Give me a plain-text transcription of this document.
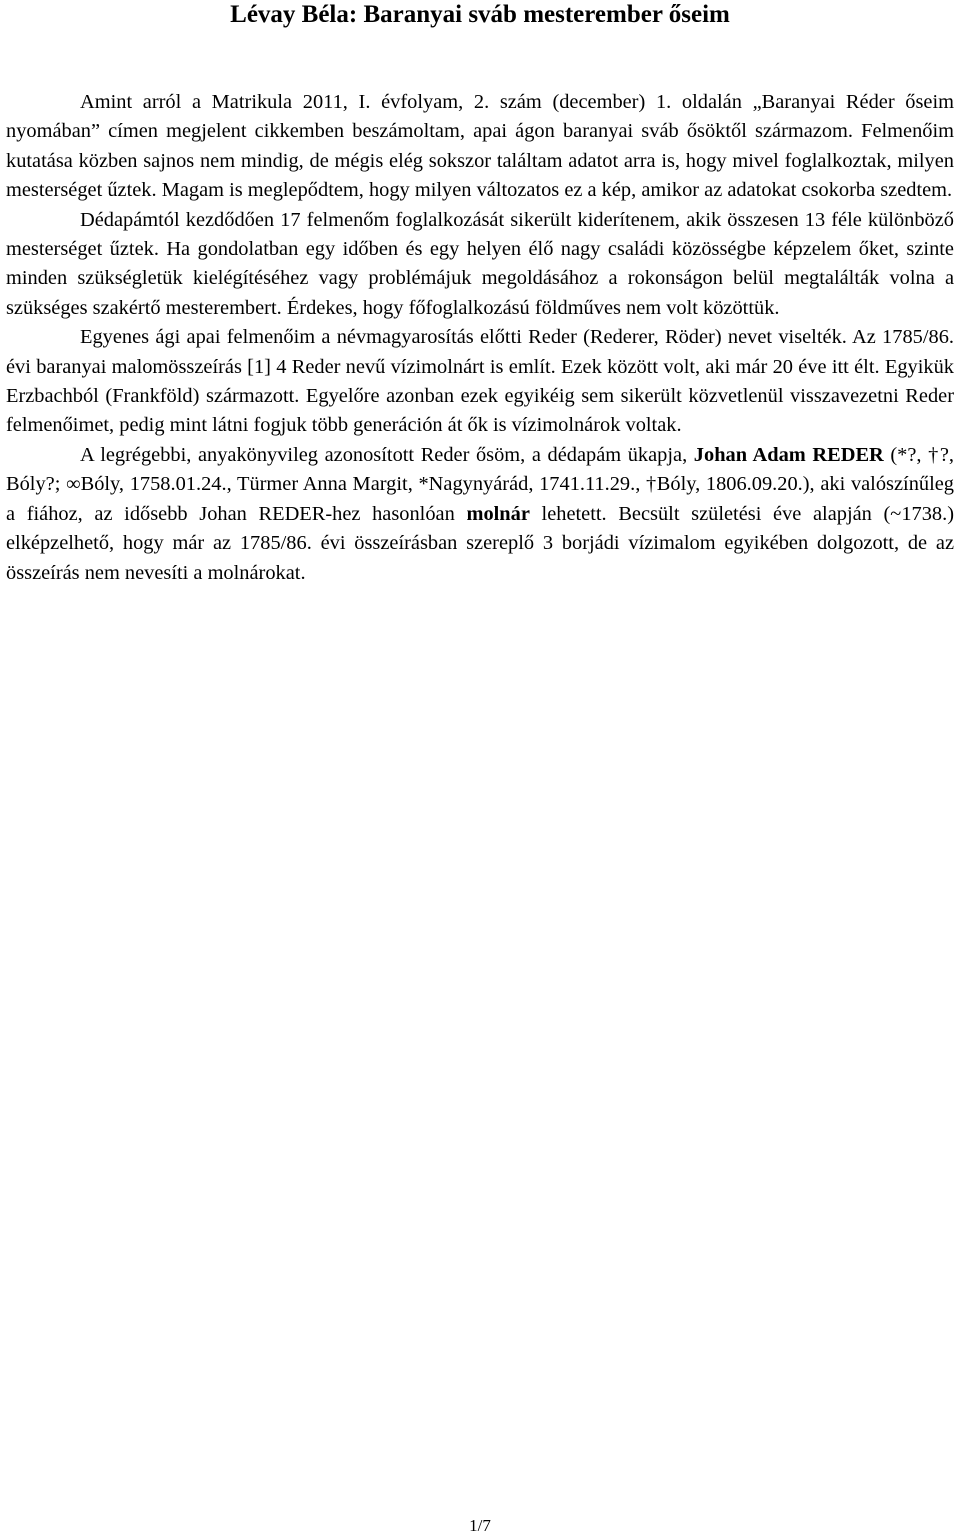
Lévay Béla: Baranyai sváb mesterember őseim

Amint arról a Matrikula 2011, I. évfolyam, 2. szám (december) 1. oldalán „Baranyai Réder őseim nyomában” címen megjelent cikkemben beszámoltam, apai ágon baranyai sváb ősöktől származom. Felmenőim kutatása közben sajnos nem mindig, de mégis elég sokszor találtam adatot arra is, hogy mivel foglalkoztak, milyen mesterséget űztek. Magam is meglepődtem, hogy milyen változatos ez a kép, amikor az adatokat csokorba szedtem.

Dédapámtól kezdődően 17 felmenőm foglalkozását sikerült kiderítenem, akik összesen 13 féle különböző mesterséget űztek. Ha gondolatban egy időben és egy helyen élő nagy családi közösségbe képzelem őket, szinte minden szükségletük kielégítéséhez vagy problémájuk megoldásához a rokonságon belül megtalálták volna a szükséges szakértő mesterembert. Érdekes, hogy főfoglalkozású földműves nem volt közöttük.

Egyenes ági apai felmenőim a névmagyarosítás előtti Reder (Rederer, Röder) nevet viselték. Az 1785/86. évi baranyai malomösszeírás [1] 4 Reder nevű vízimolnárt is említ. Ezek között volt, aki már 20 éve itt élt. Egyikük Erzbachból (Frankföld) származott. Egyelőre azonban ezek egyikéig sem sikerült közvetlenül visszavezetni Reder felmenőimet, pedig mint látni fogjuk több generáción át ők is vízimolnárok voltak.

A legrégebbi, anyakönyvileg azonosított Reder ősöm, a dédapám ükapja, Johan Adam REDER (*?, †?, Bóly?; ∞Bóly, 1758.01.24., Türmer Anna Margit, *Nagynyárád, 1741.11.29., †Bóly, 1806.09.20.), aki valószínűleg a fiához, az idősebb Johan REDER-hez hasonlóan molnár lehetett. Becsült születési éve alapján (~1738.) elképzelhető, hogy már az 1785/86. évi összeírásban szereplő 3 borjádi vízimalom egyikében dolgozott, de az összeírás nem nevesíti a molnárokat.

1/7
